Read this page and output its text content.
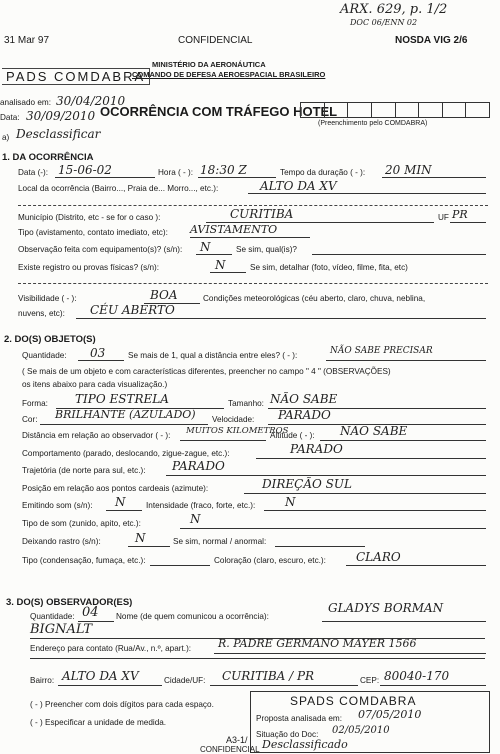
ARX. 629, p. 1/2
DOC 06/ENN 02
31 Mar 97	CONFIDENCIAL	NOSDA VIG 2/6
MINISTÉRIO DA AERONÁUTICA
COMANDO DE DEFESA AEROESPACIAL BRASILEIRO
PADS COMDABRA
analisado em: 30/04/2010
Data: 30/09/2010
a) Desclassificar
OCORRÊNCIA COM TRÁFEGO HOTEL
(Preenchimento pelo COMDABRA)
1. DA OCORRÊNCIA
Data (-): 15-06-02	Hora ( - ): 18:30 Z	Tempo da duração ( - ): 20 MIN
Local da ocorrência (Bairro..., Praia de... Morro..., etc.):	ALTO DA XV
Município (Distrito, etc - se for o caso ):	CURITIBA	UF PR
Tipo (avistamento, contato imediato, etc): AVISTAMENTO
Observação feita com equipamento(s)? (s/n): N	Se sim, qual(is)?
Existe registro ou provas físicas? (s/n):	N	Se sim, detalhar (foto, vídeo, filme, fita, etc)
Visibilidade ( - ):	BOA	Condições meteorológicas (céu aberto, claro, chuva, neblina,
nuvens, etc): CÉU ABERTO
2. DO(S) OBJETO(S)
Quantidade: 03	Se mais de 1, qual a distância entre eles? ( - ):	NÃO SABE PRECISAR
( Se mais de um objeto e com características diferentes, preencher no campo " 4 " (OBSERVAÇÕES)
os itens abaixo para cada visualização.)
Forma: TIPO ESTRELA	Tamanho: NÃO SABE
Cor: BRILHANTE (AZULADO) Velocidade: PARADO
Distância em relação ao observador ( - ): MUITOS KILOMETROS
Altitude ( - ): NÃO SABE
Comportamento (parado, deslocando, zigue-zague, etc.):	PARADO
Trajetória (de norte para sul, etc.): PARADO
Posição em relação aos pontos cardeais (azimute):	DIREÇÃO SUL
Emitindo som (s/n): N	Intensidade (fraco, forte, etc.): N
Tipo de som (zunido, apito, etc.):	N
Deixando rastro (s/n):	N	Se sim, normal / anormal:
Tipo (condensação, fumaça, etc.):	Coloração (claro, escuro, etc.):	CLARO
3. DO(S) OBSERVADOR(ES)
Quantidade: 04 Nome (de quem comunicou a ocorrência):
GLADYS BORMAN
BIGNALT
Endereço para contato (Rua/Av., n.º, apart.): R. PADRE GERMANO MAYER 1566
Bairro: ALTO DA XV	Cidade/UF: CURITIBA / PR	CEP: 80040-170
( - ) Preencher com dois dígitos para cada espaço.
( - ) Especificar a unidade de medida.
SPADS COMDABRA
Proposta analisada em: 07/05/2010
Situação do Doc: 02/05/2010
Desclassificado
A3-1/
CONFIDENCIAL
